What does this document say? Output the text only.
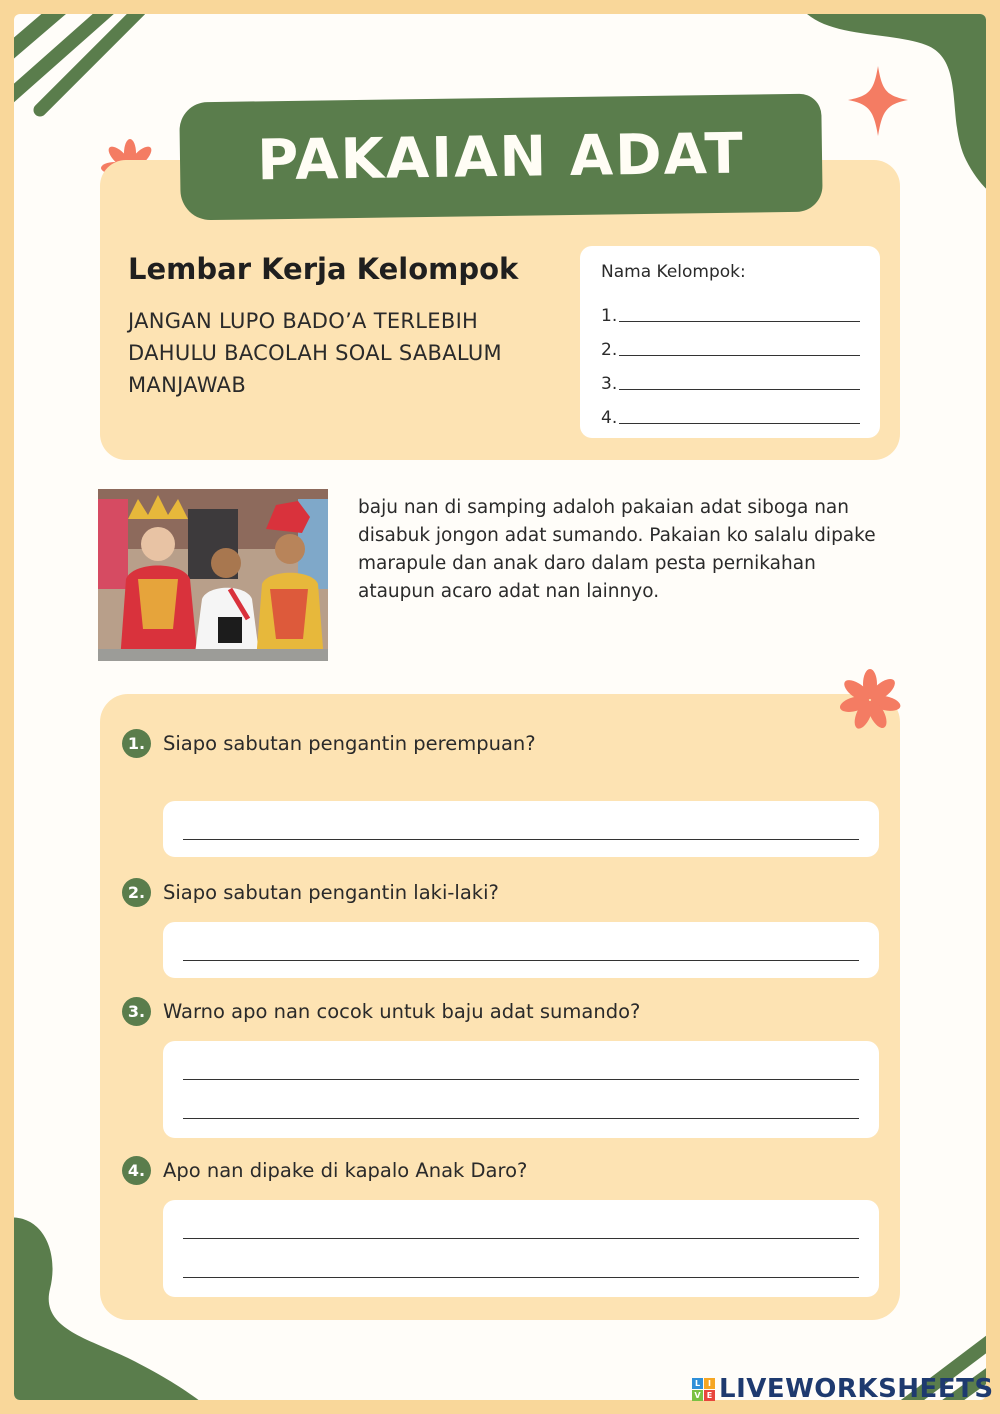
PAKAIAN ADAT
Lembar Kerja Kelompok
JANGAN LUPO BADO’A TERLEBIH DAHULU BACOLAH SOAL SABALUM MANJAWAB
Nama Kelompok:
1.
2.
3.
4.
baju nan di samping adaloh pakaian adat siboga nan disabuk jongon adat sumando. Pakaian ko salalu dipake marapule dan anak daro dalam pesta pernikahan ataupun acaro adat nan lainnyo.
1. Siapo sabutan pengantin perempuan?
2. Siapo sabutan pengantin laki-laki?
3. Warno apo nan cocok untuk baju adat sumando?
4. Apo nan dipake di kapalo Anak Daro?
L I
V E LIVEWORKSHEETS
